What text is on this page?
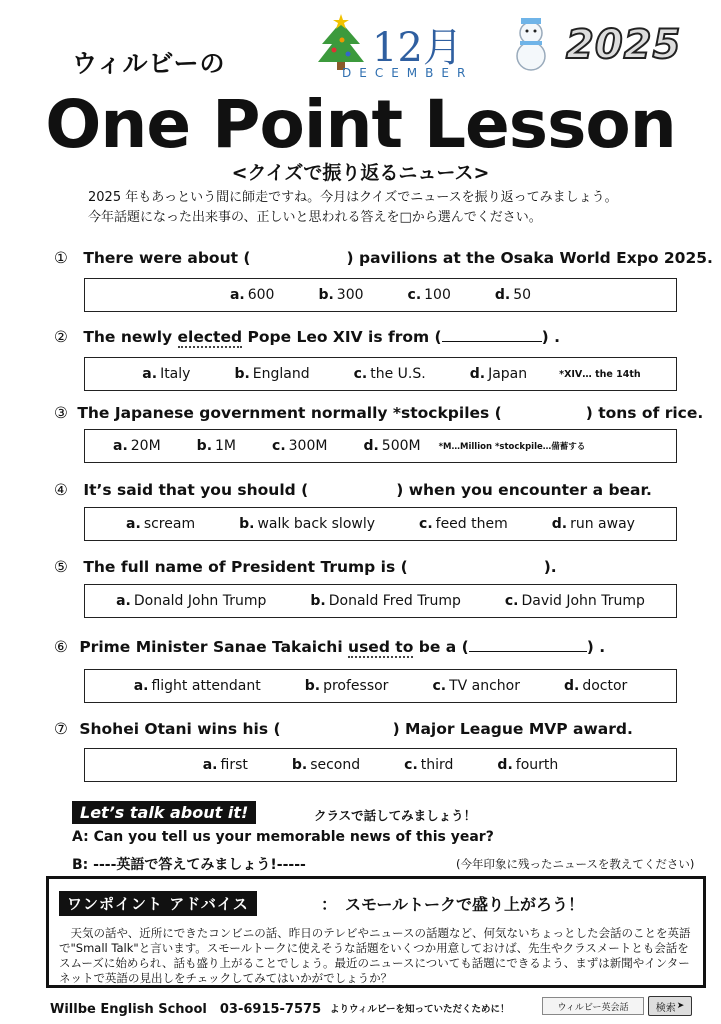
ウィルビーの	12月
DECEMBER
2025
One Point Lesson
<クイズで振り返るニュース>
2025 年もあっという間に師走ですね。今月はクイズでニュースを振り返ってみましょう。
今年話題になった出来事の、正しいと思われる答えを□から選んでください。
① There were about (	) pavilions at the Osaka World Expo 2025.
a. 600	b. 300	c. 100	d. 50
② The newly elected Pope Leo XIV is from (	) .
a. Italy	b. England	c. the U.S.	d. Japan	*XIV… the 14th
③ The Japanese government normally *stockpiles (	) tons of rice.
a. 20M	b. 1M	c. 300M	d. 500M *M…Million *stockpile…備蓄する
④ It’s said that you should (	) when you encounter a bear.
a. scream	b. walk back slowly	c. feed them	d. run away
⑤ The full name of President Trump is (	).
a. Donald John Trump	b. Donald Fred Trump	c. David John Trump
⑥ Prime Minister Sanae Takaichi used to be a (	) .
a. flight attendant	b. professor	c. TV anchor	d. doctor
⑦ Shohei Otani wins his (	) Major League MVP award.
a. first	b. second	c. third	d. fourth
Let’s talk about it!	クラスで話してみましょう！
A: Can you tell us your memorable news of this year?
B: ----英語で答えてみましょう!-----	(今年印象に残ったニュースを教えてください)
ワンポイント アドバイス	：　スモールトークで盛り上がろう！
　天気の話や、近所にできたコンビニの話、昨日のテレビやニュースの話題など、何気ないちょっとした会話のことを英語で"Small Talk"と言います。スモールトークに使えそうな話題をいくつか用意しておけば、先生やクラスメートとも会話をスムーズに始められ、話も盛り上がることでしょう。最近のニュースについても話題にできるよう、まずは新聞やインターネットで英語の見出しをチェックしてみてはいかがでしょうか？
Willbe English School　03-6915-7575 よりウィルビーを知っていただくために！	ウィルビー英会話	検索 ➤
